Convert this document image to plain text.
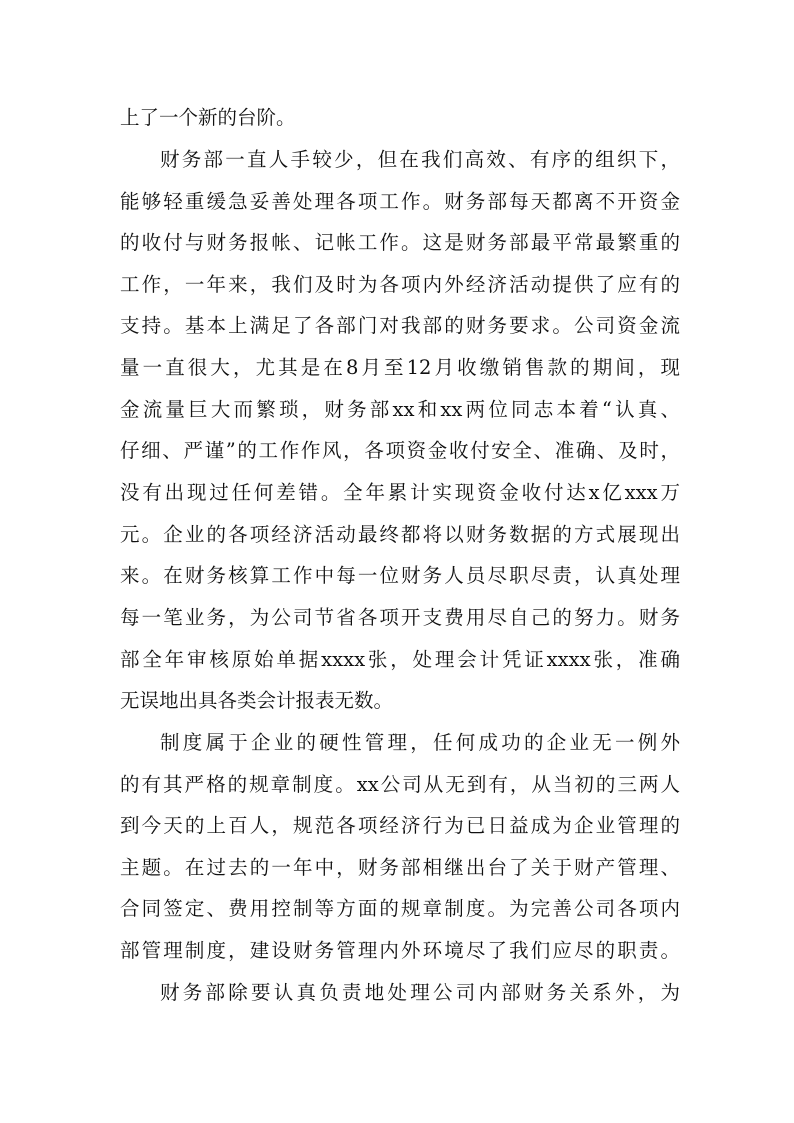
上了一个新的台阶。
财务部一直人手较少，但在我们高效、有序的组织下，
能够轻重缓急妥善处理各项工作。财务部每天都离不开资金
的收付与财务报帐、记帐工作。这是财务部最平常最繁重的
工作，一年来，我们及时为各项内外经济活动提供了应有的
支持。基本上满足了各部门对我部的财务要求。公司资金流
量一直很大，尤其是在8月至12月收缴销售款的期间，现
金流量巨大而繁琐，财务部xx和xx两位同志本着“认真、
仔细、严谨”的工作作风，各项资金收付安全、准确、及时，
没有出现过任何差错。全年累计实现资金收付达x亿xxx万
元。企业的各项经济活动最终都将以财务数据的方式展现出
来。在财务核算工作中每一位财务人员尽职尽责，认真处理
每一笔业务，为公司节省各项开支费用尽自己的努力。财务
部全年审核原始单据xxxx张，处理会计凭证xxxx张，准确
无误地出具各类会计报表无数。
制度属于企业的硬性管理，任何成功的企业无一例外
的有其严格的规章制度。xx公司从无到有，从当初的三两人
到今天的上百人，规范各项经济行为已日益成为企业管理的
主题。在过去的一年中，财务部相继出台了关于财产管理、
合同签定、费用控制等方面的规章制度。为完善公司各项内
部管理制度，建设财务管理内外环境尽了我们应尽的职责。
财务部除要认真负责地处理公司内部财务关系外，为
